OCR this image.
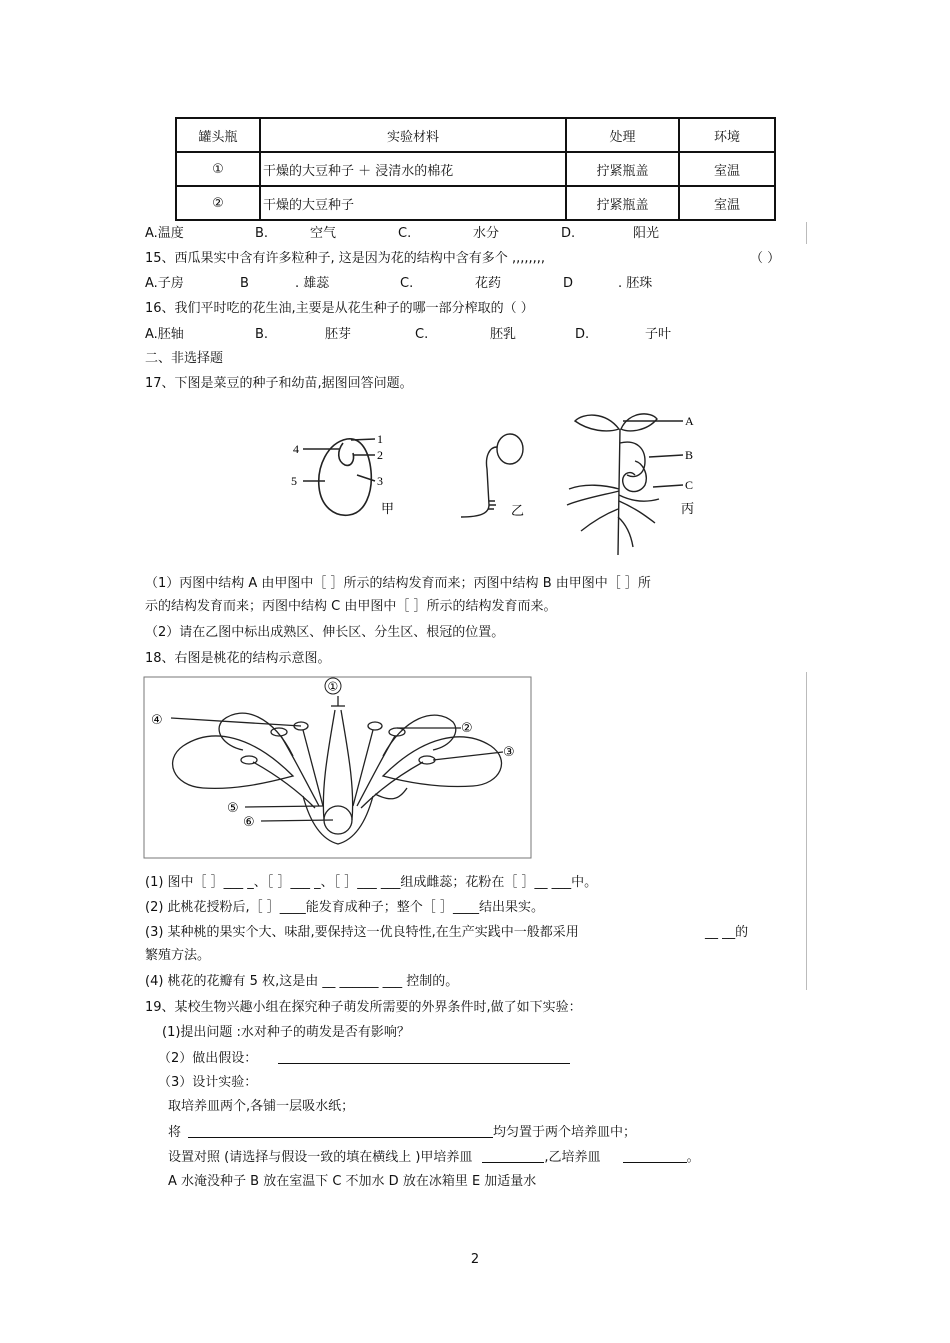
罐头瓶	实验材料	处理	环境
①	干燥的大豆种子 ＋ 浸清水的棉花	拧紧瓶盖	室温
②	干燥的大豆种子	拧紧瓶盖	室温
A.温度	B.	空气	C.	水分	D.	阳光
15、西瓜果实中含有许多粒种子, 这是因为花的结构中含有多个 ,,,,,,,,	（ ）
A.子房	B	. 雄蕊	C.	花药	D	. 胚珠
16、我们平时吃的花生油,主要是从花生种子的哪一部分榨取的（ ）
A.胚轴	B.	胚芽	C.	胚乳	D.	子叶
二、非选择题
17、下图是菜豆的种子和幼苗,据图回答问题。
1
2
3
4
5
甲	乙
A
B
C
丙
（1）丙图中结构 A 由甲图中［ ］所示的结构发育而来；丙图中结构 B 由甲图中［ ］所
示的结构发育而来；丙图中结构 C 由甲图中［ ］所示的结构发育而来。
（2）请在乙图中标出成熟区、伸长区、分生区、根冠的位置。
18、右图是桃花的结构示意图。
①
②
③
④
⑤
⑥
(1) 图中［ ］___ _、［ ］___ _、［ ］___ ___组成雌蕊；花粉在［ ］__ ___中。
(2) 此桃花授粉后,［ ］____能发育成种子；整个［ ］____结出果实。
(3) 某种桃的果实个大、味甜,要保持这一优良特性,在生产实践中一般都采用	__ __的
繁殖方法。
(4) 桃花的花瓣有 5 枚,这是由 __ ______ ___ 控制的。
19、某校生物兴趣小组在探究种子萌发所需要的外界条件时,做了如下实验：
(1)提出问题 :水对种子的萌发是否有影响？
（2）做出假设：
（3）设计实验：
取培养皿两个,各铺一层吸水纸；
将	均匀置于两个培养皿中；
设置对照 (请选择与假设一致的填在横线上 )甲培养皿	,乙培养皿	。
A 水淹没种子 B 放在室温下 C 不加水 D 放在冰箱里 E 加适量水
2
